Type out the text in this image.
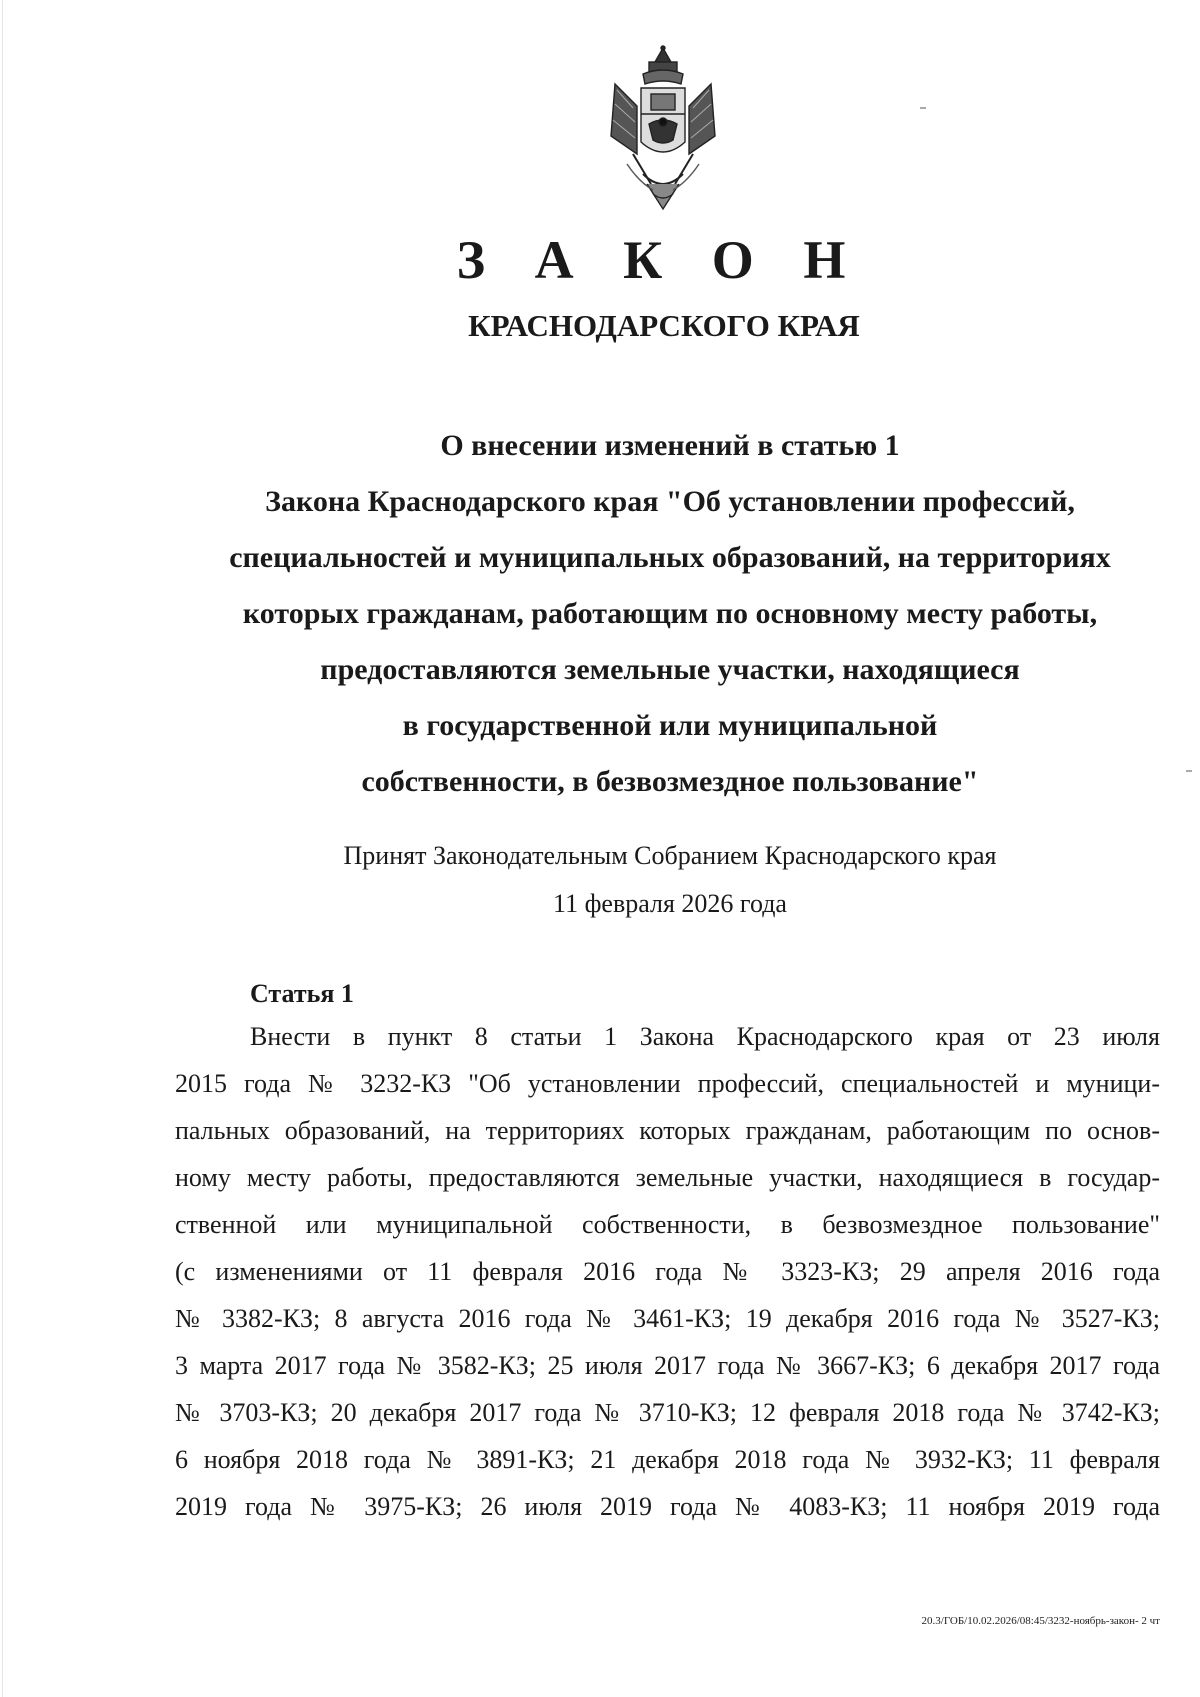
З А К О Н
КРАСНОДАРСКОГО КРАЯ
О внесении изменений в статью 1
Закона Краснодарского края "Об установлении профессий,
специальностей и муниципальных образований, на территориях
которых гражданам, работающим по основному месту работы,
предоставляются земельные участки, находящиеся
в государственной или муниципальной
собственности, в безвозмездное пользование"
Принят Законодательным Собранием Краснодарского края
11 февраля 2026 года
Статья 1
Внести в пункт 8 статьи 1 Закона Краснодарского края от 23 июля
2015 года № 3232-КЗ "Об установлении профессий, специальностей и муници-
пальных образований, на территориях которых гражданам, работающим по основ-
ному месту работы, предоставляются земельные участки, находящиеся в государ-
ственной или муниципальной собственности, в безвозмездное пользование"
(с изменениями от 11 февраля 2016 года № 3323-КЗ; 29 апреля 2016 года
№ 3382-КЗ; 8 августа 2016 года № 3461-КЗ; 19 декабря 2016 года № 3527-КЗ;
3 марта 2017 года № 3582-КЗ; 25 июля 2017 года № 3667-КЗ; 6 декабря 2017 года
№ 3703-КЗ; 20 декабря 2017 года № 3710-КЗ; 12 февраля 2018 года № 3742-КЗ;
6 ноября 2018 года № 3891-КЗ; 21 декабря 2018 года № 3932-КЗ; 11 февраля
2019 года № 3975-КЗ; 26 июля 2019 года № 4083-КЗ; 11 ноября 2019 года
20.3/ГОБ/10.02.2026/08:45/3232-ноябрь-закон- 2 чт
